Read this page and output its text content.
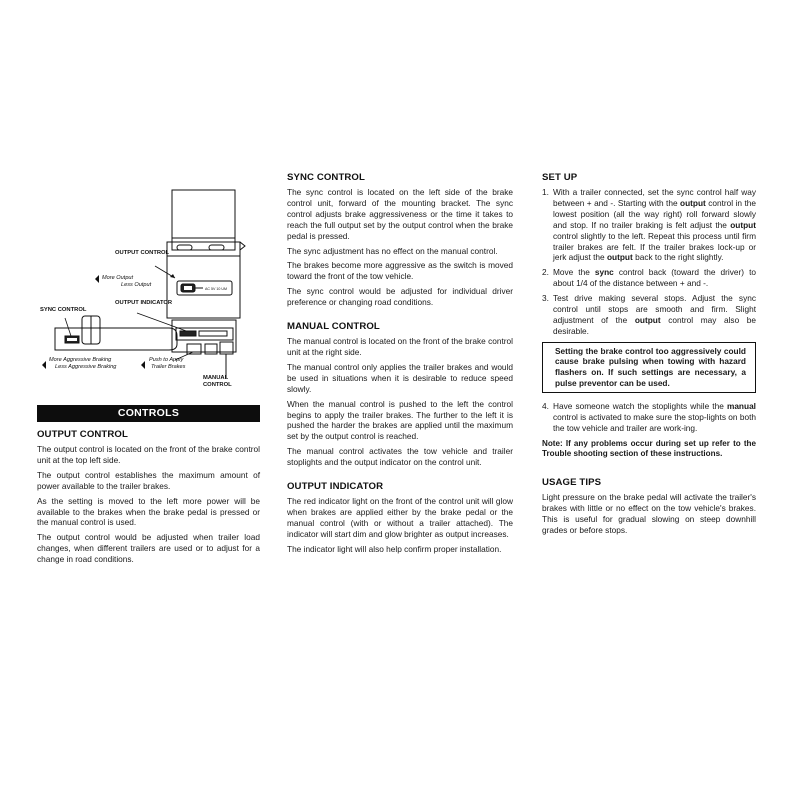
AC 5V 10 UM
OUTPUT CONTROL
More Output
Less Output
OUTPUT INDICATOR
SYNC CONTROL
More Aggressive Braking
Less Aggressive Braking
Push to Apply
Trailer Brakes
MANUAL CONTROL
CONTROLS
OUTPUT CONTROL

The output control is located on the front of the brake control unit at the top left side.

The output control establishes the maximum amount of power available to the trailer brakes.

As the setting is moved to the left more power will be available to the brakes when the brake pedal is pressed or the manual control is used.

The output control would be adjusted when trailer load changes, when different trailers are used or to adjust for a change in road conditions.

SYNC CONTROL

The sync control is located on the left side of the brake control unit, forward of the mounting bracket. The sync control adjusts brake aggressiveness or the time it takes to reach the full output set by the output control when the brake pedal is pressed.

The sync adjustment has no effect on the manual control.

The brakes become more aggressive as the switch is moved toward the front of the tow vehicle.

The sync control would be adjusted for individual driver preference or changing road conditions.

MANUAL CONTROL

The manual control is located on the front of the brake control unit at the right side.

The manual control only applies the trailer brakes and would be used in situations when it is desirable to reduce speed slowly.

When the manual control is pushed to the left the control begins to apply the trailer brakes. The further to the left it is pushed the harder the brakes are applied until the maximum set by the output control is reached.

The manual control activates the tow vehicle and trailer stoplights and the output indicator on the control unit.

OUTPUT INDICATOR

The red indicator light on the front of the control unit will glow when brakes are applied either by the brake pedal or the manual control (with or without a trailer attached). The indicator will start dim and glow brighter as output increases.

The indicator light will also help confirm proper installation.

SET UP
1. With a trailer connected, set the sync control half way between + and -. Starting with the output control in the lowest position (all the way right) roll forward slowly and stop. If no trailer braking is felt adjust the output control slightly to the left. Repeat this process until firm trailer brakes are felt. If the trailer brakes lock-up or jerk adjust the output back to the right slightly.
2. Move the sync control back (toward the driver) to about 1/4 of the distance between + and -.
3. Test drive making several stops. Adjust the sync control until stops are smooth and firm. Slight adjustment of the output control may also be desirable.
Setting the brake control too aggressively could cause brake pulsing when towing with hazard flashers on. If such settings are necessary, a pulse preventor can be used.
4. Have someone watch the stoplights while the manual control is activated to make sure the stop-lights on both the tow vehicle and trailer are work-ing.

Note: If any problems occur during set up refer to the Trouble shooting section of these instructions.

USAGE TIPS

Light pressure on the brake pedal will activate the trailer's brakes with little or no effect on the tow vehicle's brakes. This is useful for gradual slowing on steep downhill grades or before stops.
